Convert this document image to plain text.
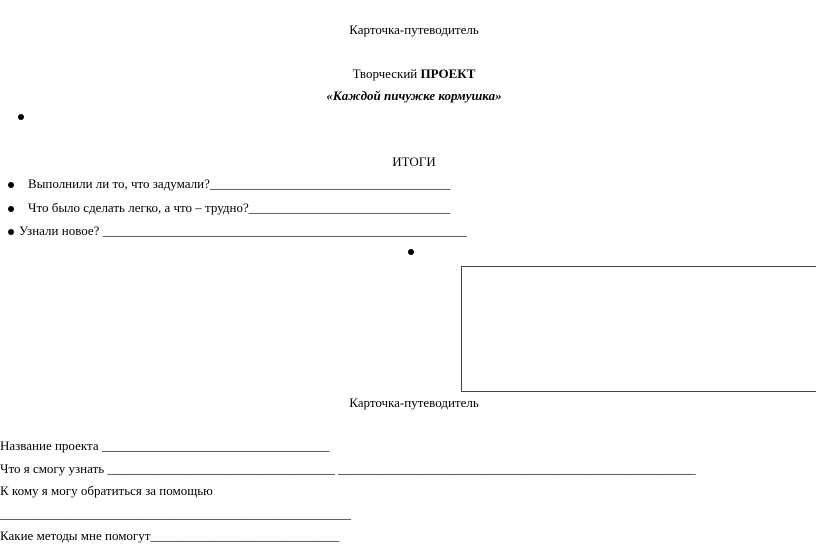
Карточка-путеводитель
Творческий ПРОЕКТ
«Каждой пичужке кормушка»
ИТОГИ
Выполнили ли то, что задумали?_____________________________________
Что было сделать легко, а что – трудно?_______________________________
Узнали новое? ________________________________________________________
Карточка-путеводитель
Название проекта ___________________________________
Что я смогу узнать ___________________________________ _______________________________________________________
К кому я могу обратиться за помощью
______________________________________________________
Какие методы мне помогут_____________________________
